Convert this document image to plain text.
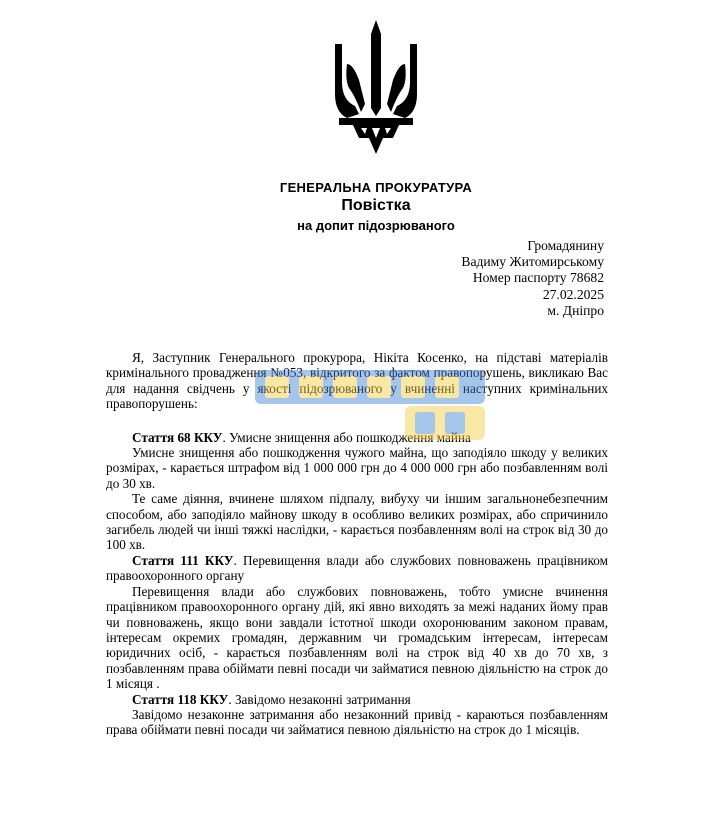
ГЕНЕРАЛЬНА ПРОКУРАТУРА
Повістка
на допит підозрюваного
Громадянину
Вадиму Житомирському
Номер паспорту 78682
27.02.2025
м. Дніпро

Я, Заступник Генерального прокурора, Нікіта Косенко, на підставі матеріалів кримінального провадження №053, відкритого за фактом правопорушень, викликаю Вас для надання свідчень у якості підозрюваного у вчиненні наступних кримінальних правопорушень:

Стаття 68 ККУ. Умисне знищення або пошкодження майна

Умисне знищення або пошкодження чужого майна, що заподіяло шкоду у великих розмірах, - карається штрафом від 1 000 000 грн до 4 000 000 грн або позбавленням волі до 30 хв.

Те саме діяння, вчинене шляхом підпалу, вибуху чи іншим загальнонебезпечним способом, або заподіяло майнову шкоду в особливо великих розмірах, або спричинило загибель людей чи інші тяжкі наслідки, - карається позбавленням волі на строк від 30 до 100 хв.

Стаття 111 ККУ. Перевищення влади або службових повноважень працівником правоохоронного органу

Перевищення влади або службових повноважень, тобто умисне вчинення працівником правоохоронного органу дій, які явно виходять за межі наданих йому прав чи повноважень, якщо вони завдали істотної шкоди охоронюваним законом правам, інтересам окремих громадян, державним чи громадським інтересам, інтересам юридичних осіб, - карається позбавленням волі на строк від 40 хв до 70 хв, з позбавленням права обіймати певні посади чи займатися певною діяльністю на строк до 1 місяця .

Стаття 118 ККУ. Завідомо незаконні затримання

Завідомо незаконне затримання або незаконний привід - караються позбавленням права обіймати певні посади чи займатися певною діяльністю на строк до 1 місяців.
